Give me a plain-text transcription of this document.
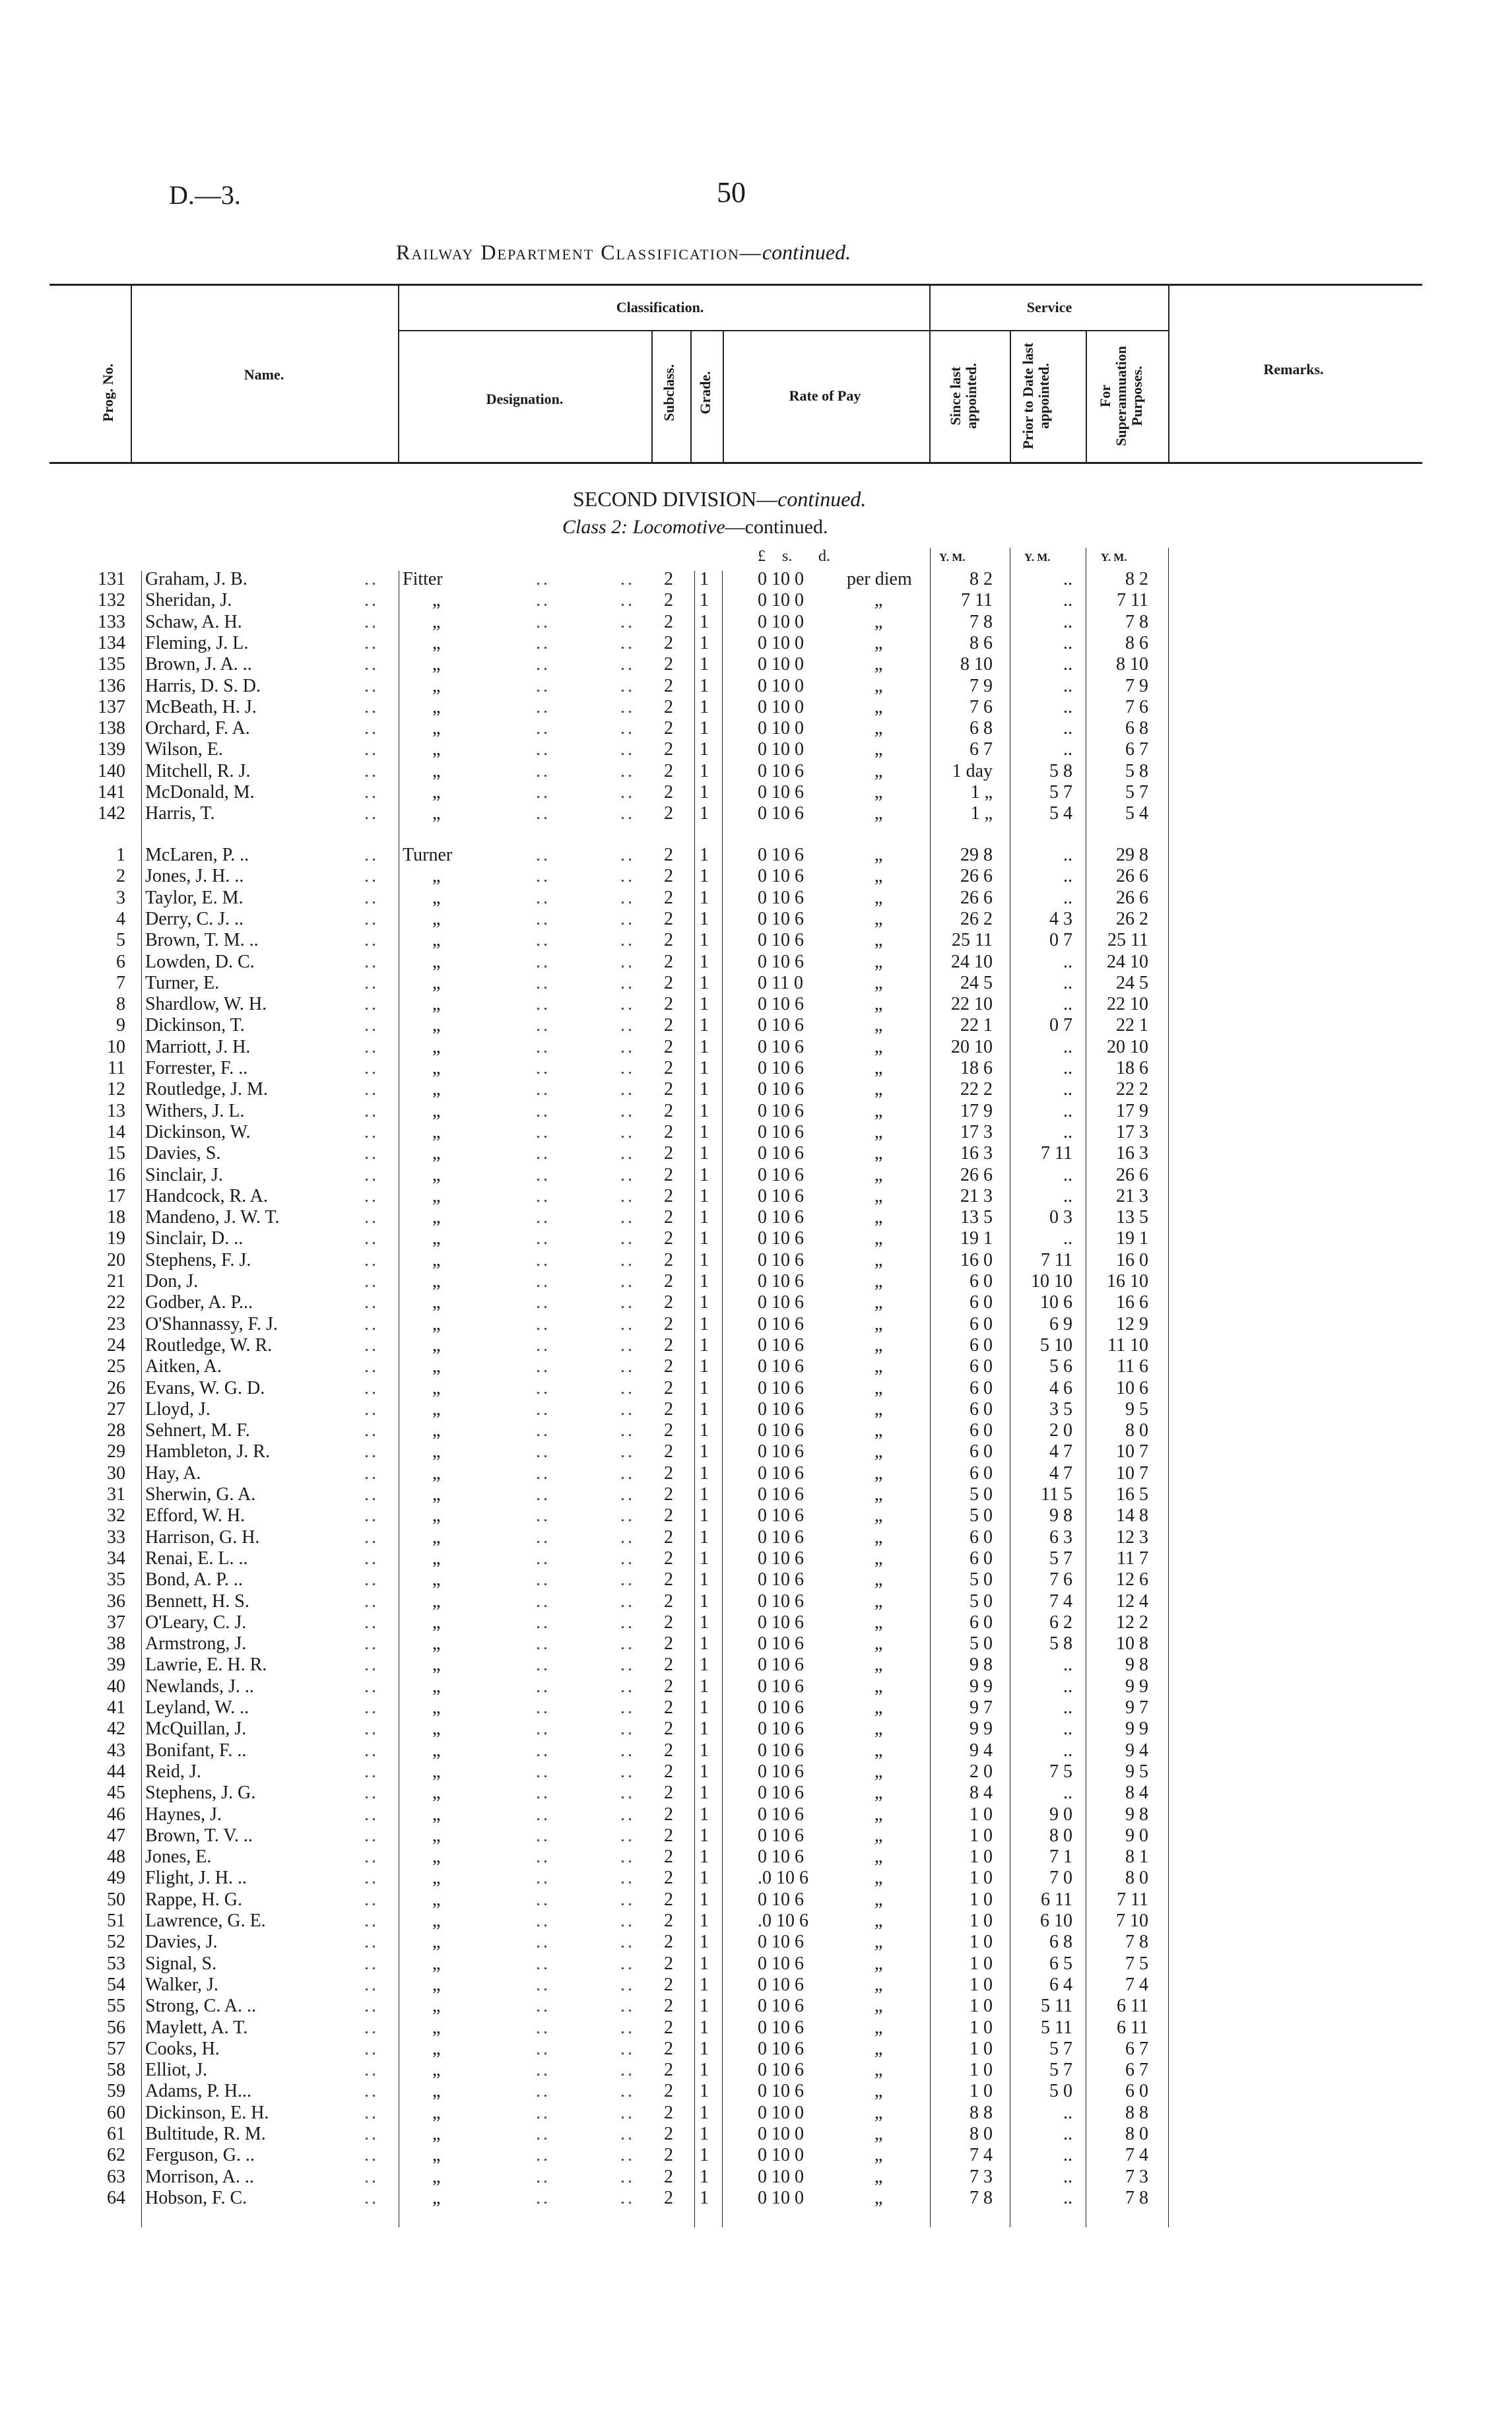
D.—3.	50
Railway Department Classification—continued.
Prog. No.	Name.
Classification.
Designation.	Subclass. Grade.	Rate of Pay
Service
Since last appointed.	Prior to Date last appointed.	For Superannuation Purposes.	Remarks.
SECOND DIVISION—continued.
Class 2: Locomotive—continued.
£ s. d.	Y. M.	Y. M.	Y. M.
131 Graham, J. B.	..	Fitter	..	..	2	1	0 10 0	per diem	8 2	..	8 2
132 Sheridan, J.	..	„	..	..	2	1	0 10 0	„	7 11	..	7 11
133 Schaw, A. H.	..	„	..	..	2	1	0 10 0	„	7 8	..	7 8
134 Fleming, J. L.	..	„	..	..	2	1	0 10 0	„	8 6	..	8 6
135 Brown, J. A. ..	..	„	..	..	2	1	0 10 0	„	8 10	..	8 10
136 Harris, D. S. D.	..	„	..	..	2	1	0 10 0	„	7 9	..	7 9
137 McBeath, H. J.	..	„	..	..	2	1	0 10 0	„	7 6	..	7 6
138 Orchard, F. A.	..	„	..	..	2	1	0 10 0	„	6 8	..	6 8
139 Wilson, E.	..	„	..	..	2	1	0 10 0	„	6 7	..	6 7
140 Mitchell, R. J.	..	„	..	..	2	1	0 10 6	„	1 day	5 8	5 8
141 McDonald, M.	..	„	..	..	2	1	0 10 6	„	1 „	5 7	5 7
142 Harris, T.	..	„	..	..	2	1	0 10 6	„	1 „	5 4	5 4
1 McLaren, P. ..	..	Turner	..	..	2	1	0 10 6	„	29 8	..	29 8
2 Jones, J. H. ..	..	„	..	..	2	1	0 10 6	„	26 6	..	26 6
3 Taylor, E. M.	..	„	..	..	2	1	0 10 6	„	26 6	..	26 6
4 Derry, C. J. ..	..	„	..	..	2	1	0 10 6	„	26 2	4 3	26 2
5 Brown, T. M. ..	..	„	..	..	2	1	0 10 6	„	25 11	0 7	25 11
6 Lowden, D. C.	..	„	..	..	2	1	0 10 6	„	24 10	..	24 10
7 Turner, E.	..	„	..	..	2	1	0 11 0	„	24 5	..	24 5
8 Shardlow, W. H.	..	„	..	..	2	1	0 10 6	„	22 10	..	22 10
9 Dickinson, T.	..	„	..	..	2	1	0 10 6	„	22 1	0 7	22 1
10 Marriott, J. H.	..	„	..	..	2	1	0 10 6	„	20 10	..	20 10
11 Forrester, F. ..	..	„	..	..	2	1	0 10 6	„	18 6	..	18 6
12 Routledge, J. M.	..	„	..	..	2	1	0 10 6	„	22 2	..	22 2
13 Withers, J. L.	..	„	..	..	2	1	0 10 6	„	17 9	..	17 9
14 Dickinson, W.	..	„	..	..	2	1	0 10 6	„	17 3	..	17 3
15 Davies, S.	..	„	..	..	2	1	0 10 6	„	16 3	7 11	16 3
16 Sinclair, J.	..	„	..	..	2	1	0 10 6	„	26 6	..	26 6
17 Handcock, R. A.	..	„	..	..	2	1	0 10 6	„	21 3	..	21 3
18 Mandeno, J. W. T.	..	„	..	..	2	1	0 10 6	„	13 5	0 3	13 5
19 Sinclair, D. ..	..	„	..	..	2	1	0 10 6	„	19 1	..	19 1
20 Stephens, F. J.	..	„	..	..	2	1	0 10 6	„	16 0	7 11	16 0
21 Don, J.	..	„	..	..	2	1	0 10 6	„	6 0	10 10	16 10
22 Godber, A. P...	..	„	..	..	2	1	0 10 6	„	6 0	10 6	16 6
23 O'Shannassy, F. J.	..	„	..	..	2	1	0 10 6	„	6 0	6 9	12 9
24 Routledge, W. R.	..	„	..	..	2	1	0 10 6	„	6 0	5 10	11 10
25 Aitken, A.	..	„	..	..	2	1	0 10 6	„	6 0	5 6	11 6
26 Evans, W. G. D.	..	„	..	..	2	1	0 10 6	„	6 0	4 6	10 6
27 Lloyd, J.	..	„	..	..	2	1	0 10 6	„	6 0	3 5	9 5
28 Sehnert, M. F.	..	„	..	..	2	1	0 10 6	„	6 0	2 0	8 0
29 Hambleton, J. R.	..	„	..	..	2	1	0 10 6	„	6 0	4 7	10 7
30 Hay, A.	..	„	..	..	2	1	0 10 6	„	6 0	4 7	10 7
31 Sherwin, G. A.	..	„	..	..	2	1	0 10 6	„	5 0	11 5	16 5
32 Efford, W. H.	..	„	..	..	2	1	0 10 6	„	5 0	9 8	14 8
33 Harrison, G. H.	..	„	..	..	2	1	0 10 6	„	6 0	6 3	12 3
34 Renai, E. L. ..	..	„	..	..	2	1	0 10 6	„	6 0	5 7	11 7
35 Bond, A. P. ..	..	„	..	..	2	1	0 10 6	„	5 0	7 6	12 6
36 Bennett, H. S.	..	„	..	..	2	1	0 10 6	„	5 0	7 4	12 4
37 O'Leary, C. J.	..	„	..	..	2	1	0 10 6	„	6 0	6 2	12 2
38 Armstrong, J.	..	„	..	..	2	1	0 10 6	„	5 0	5 8	10 8
39 Lawrie, E. H. R.	..	„	..	..	2	1	0 10 6	„	9 8	..	9 8
40 Newlands, J. ..	..	„	..	..	2	1	0 10 6	„	9 9	..	9 9
41 Leyland, W. ..	..	„	..	..	2	1	0 10 6	„	9 7	..	9 7
42 McQuillan, J.	..	„	..	..	2	1	0 10 6	„	9 9	..	9 9
43 Bonifant, F. ..	..	„	..	..	2	1	0 10 6	„	9 4	..	9 4
44 Reid, J.	..	„	..	..	2	1	0 10 6	„	2 0	7 5	9 5
45 Stephens, J. G.	..	„	..	..	2	1	0 10 6	„	8 4	..	8 4
46 Haynes, J.	..	„	..	..	2	1	0 10 6	„	1 0	9 0	9 8
47 Brown, T. V. ..	..	„	..	..	2	1	0 10 6	„	1 0	8 0	9 0
48 Jones, E.	..	„	..	..	2	1	0 10 6	„	1 0	7 1	8 1
49 Flight, J. H. ..	..	„	..	..	2	1	.0 10 6	„	1 0	7 0	8 0
50 Rappe, H. G.	..	„	..	..	2	1	0 10 6	„	1 0	6 11	7 11
51 Lawrence, G. E.	..	„	..	..	2	1	.0 10 6	„	1 0	6 10	7 10
52 Davies, J.	..	„	..	..	2	1	0 10 6	„	1 0	6 8	7 8
53 Signal, S.	..	„	..	..	2	1	0 10 6	„	1 0	6 5	7 5
54 Walker, J.	..	„	..	..	2	1	0 10 6	„	1 0	6 4	7 4
55 Strong, C. A. ..	..	„	..	..	2	1	0 10 6	„	1 0	5 11	6 11
56 Maylett, A. T.	..	„	..	..	2	1	0 10 6	„	1 0	5 11	6 11
57 Cooks, H.	..	„	..	..	2	1	0 10 6	„	1 0	5 7	6 7
58 Elliot, J.	..	„	..	..	2	1	0 10 6	„	1 0	5 7	6 7
59 Adams, P. H...	..	„	..	..	2	1	0 10 6	„	1 0	5 0	6 0
60 Dickinson, E. H.	..	„	..	..	2	1	0 10 0	„	8 8	..	8 8
61 Bultitude, R. M.	..	„	..	..	2	1	0 10 0	„	8 0	..	8 0
62 Ferguson, G. ..	..	„	..	..	2	1	0 10 0	„	7 4	..	7 4
63 Morrison, A. ..	..	„	..	..	2	1	0 10 0	„	7 3	..	7 3
64 Hobson, F. C.	..	„	..	..	2	1	0 10 0	„	7 8	..	7 8
